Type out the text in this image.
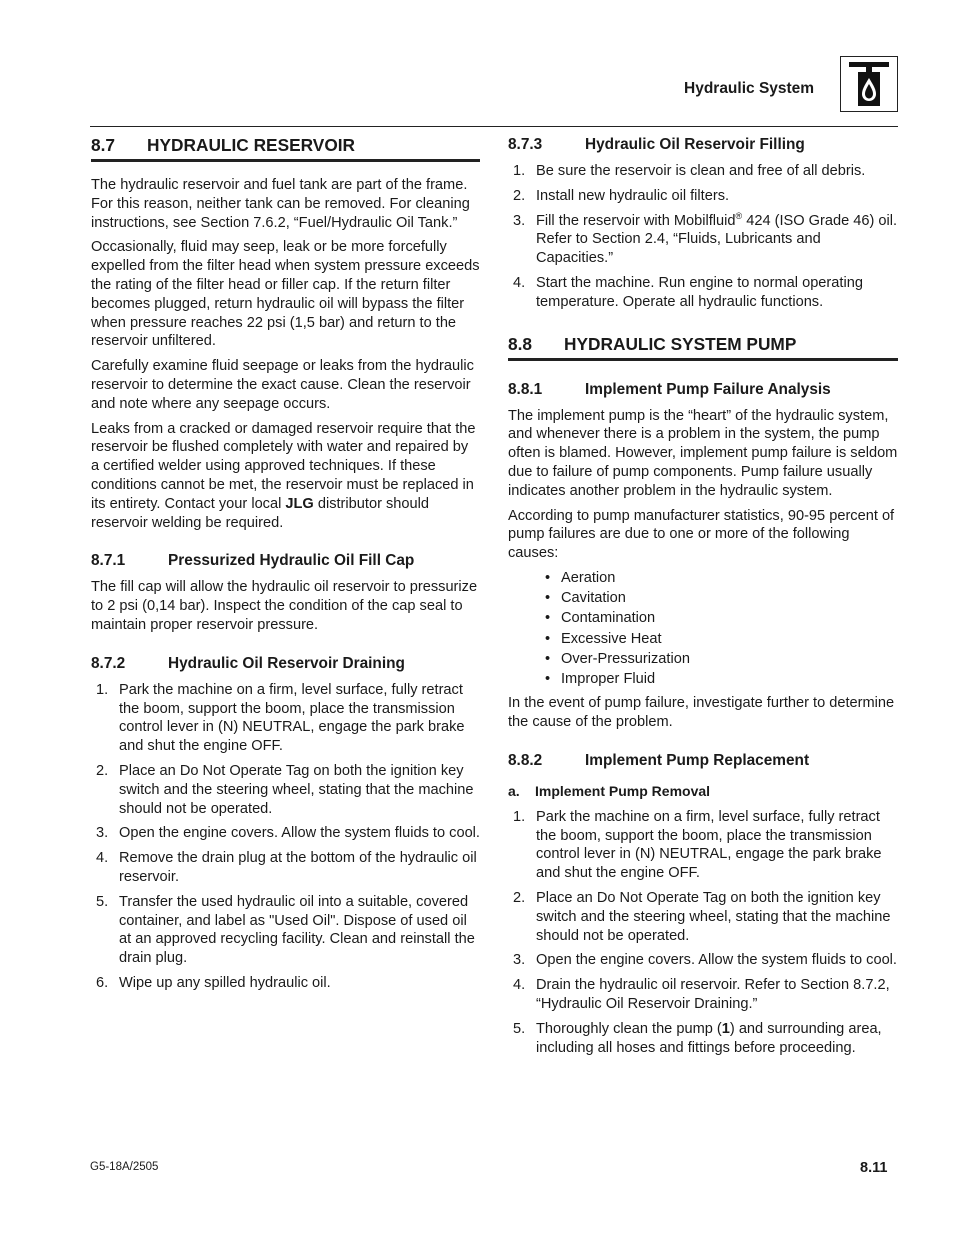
Hydraulic System
8.7 HYDRAULIC RESERVOIR

The hydraulic reservoir and fuel tank are part of the frame. For this reason, neither tank can be removed. For cleaning instructions, see Section 7.6.2, “Fuel/Hydraulic Oil Tank.”

Occasionally, fluid may seep, leak or be more forcefully expelled from the filter head when system pressure exceeds the rating of the filter head or filler cap. If the return filter becomes plugged, return hydraulic oil will bypass the filter when pressure reaches 22 psi (1,5 bar) and return to the reservoir unfiltered.

Carefully examine fluid seepage or leaks from the hydraulic reservoir to determine the exact cause. Clean the reservoir and note where any seepage occurs.

Leaks from a cracked or damaged reservoir require that the reservoir be flushed completely with water and repaired by a certified welder using approved techniques. If these conditions cannot be met, the reservoir must be replaced in its entirety. Contact your local JLG distributor should reservoir welding be required.

8.7.1	Pressurized Hydraulic Oil Fill Cap

The fill cap will allow the hydraulic oil reservoir to pressurize to 2 psi (0,14 bar). Inspect the condition of the cap seal to maintain proper reservoir pressure.

8.7.2	Hydraulic Oil Reservoir Draining
1. Park the machine on a firm, level surface, fully retract the boom, support the boom, place the transmission control lever in (N) NEUTRAL, engage the park brake and shut the engine OFF.
2. Place an Do Not Operate Tag on both the ignition key switch and the steering wheel, stating that the machine should not be operated.
3. Open the engine covers. Allow the system fluids to cool.
4. Remove the drain plug at the bottom of the hydraulic oil reservoir.
5. Transfer the used hydraulic oil into a suitable, covered container, and label as "Used Oil". Dispose of used oil at an approved recycling facility. Clean and reinstall the drain plug.
6. Wipe up any spilled hydraulic oil.
8.7.3	Hydraulic Oil Reservoir Filling
1. Be sure the reservoir is clean and free of all debris.
2. Install new hydraulic oil filters.
3. Fill the reservoir with Mobilfluid® 424 (ISO Grade 46) oil. Refer to Section 2.4, “Fluids, Lubricants and Capacities.”
4. Start the machine. Run engine to normal operating temperature. Operate all hydraulic functions.
8.8 HYDRAULIC SYSTEM PUMP
8.8.1	Implement Pump Failure Analysis

The implement pump is the “heart” of the hydraulic system, and whenever there is a problem in the system, the pump often is blamed. However, implement pump failure is seldom due to failure of pump components. Pump failure usually indicates another problem in the hydraulic system.

According to pump manufacturer statistics, 90-95 percent of pump failures are due to one or more of the following causes:

• Aeration
• Cavitation
• Contamination
• Excessive Heat
• Over-Pressurization
• Improper Fluid

In the event of pump failure, investigate further to determine the cause of the problem.

8.8.2	Implement Pump Replacement
a. Implement Pump Removal
1. Park the machine on a firm, level surface, fully retract the boom, support the boom, place the transmission control lever in (N) NEUTRAL, engage the park brake and shut the engine OFF.
2. Place an Do Not Operate Tag on both the ignition key switch and the steering wheel, stating that the machine should not be operated.
3. Open the engine covers. Allow the system fluids to cool.
4. Drain the hydraulic oil reservoir. Refer to Section 8.7.2, “Hydraulic Oil Reservoir Draining.”
5. Thoroughly clean the pump (1) and surrounding area, including all hoses and fittings before proceeding.
G5-18A/2505	8.11
